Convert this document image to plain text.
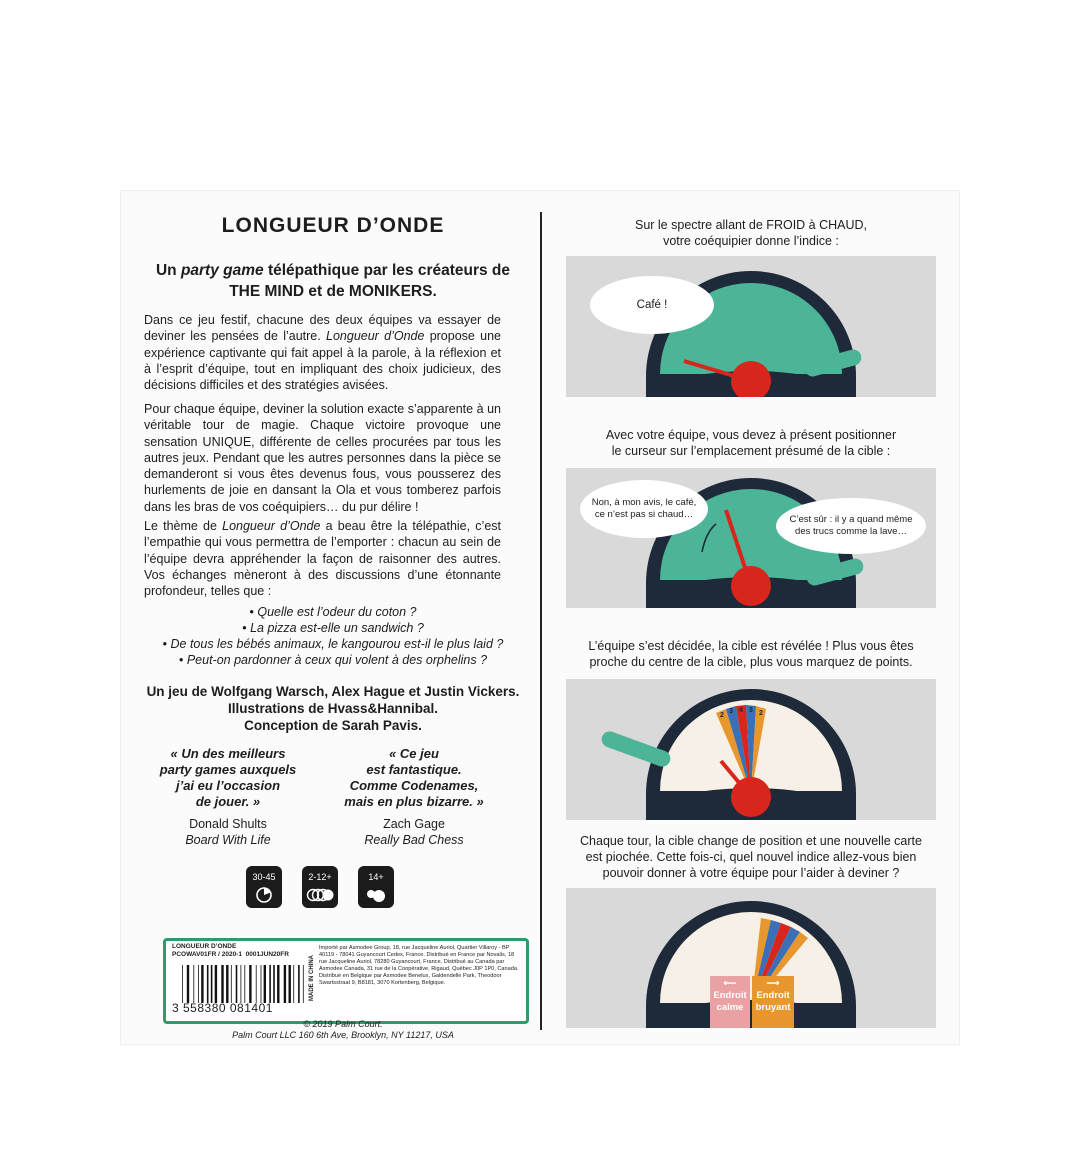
LONGUEUR D’ONDE
Un party game télépathique par les créateurs de
THE MIND et de MONIKERS.
Dans ce jeu festif, chacune des deux équipes va essayer de deviner les pensées de l’autre. Longueur d’Onde propose une expérience captivante qui fait appel à la parole, à la réflexion et à l’esprit d’équipe, tout en impliquant des choix judicieux, des décisions difficiles et des stratégies avisées.
Pour chaque équipe, deviner la solution exacte s’apparente à un véritable tour de magie. Chaque victoire provoque une sensation UNIQUE, différente de celles procurées par tous les autres jeux. Pendant que les autres personnes dans la pièce se demanderont si vous êtes devenus fous, vous pousserez des hurlements de joie en dansant la Ola et vous tomberez parfois dans les bras de vos coéquipiers… du pur délire !
Le thème de Longueur d’Onde a beau être la télépathie, c’est l’empathie qui vous permettra de l’emporter : chacun au sein de l’équipe devra appréhender la façon de raisonner des autres. Vos échanges mèneront à des discussions d’une étonnante profondeur, telles que :
• Quelle est l’odeur du coton ?
• La pizza est-elle un sandwich ?
• De tous les bébés animaux, le kangourou est-il le plus laid ?
• Peut-on pardonner à ceux qui volent à des orphelins ?
Un jeu de Wolfgang Warsch, Alex Hague et Justin Vickers.
Illustrations de Hvass&Hannibal.
Conception de Sarah Pavis.
« Un des meilleurs
party games auxquels
j’ai eu l’occasion
de jouer. »
« Ce jeu
est fantastique.
Comme Codenames,
mais en plus bizarre. »
Donald Shults
Board With Life
Zach Gage
Really Bad Chess
30-45	2-12+	14+
LONGUEUR D’ONDE
PCOWAV01FR / 2020-1 0001JUN20FR
3 558380 081401
MADE IN CHINA
Importé par Asmodee Group, 18, rue Jacqueline Auriol, Quartier Villaroy - BP 40119 - 78041 Guyancourt Cedex, France. Distribué en France par Novalis, 18 rue Jacqueline Auriol, 78280 Guyancourt, France. Distribué au Canada par Asmodee Canada, 31 rue de la Coopérative, Rigaud, Québec J0P 1P0, Canada. Distribué en Belgique par Asmodee Benelux, Galdendelle Park, Theodoor Swartsstraat 9, B8181, 3070 Kortenberg, Belgique.
© 2019 Palm Court.
Palm Court LLC 160 6th Ave, Brooklyn, NY 11217, USA
Sur le spectre allant de FROID à CHAUD,
votre coéquipier donne l’indice :
Café !
Avec votre équipe, vous devez à présent positionner
le curseur sur l’emplacement présumé de la cible :
Non, à mon avis, le café,
ce n’est pas si chaud…	C’est sûr : il y a quand même
des trucs comme la lave…
L’équipe s’est décidée, la cible est révélée ! Plus vous êtes
proche du centre de la cible, plus vous marquez de points.
2
3 4 3 2
Chaque tour, la cible change de position et une nouvelle carte
est piochée. Cette fois-ci, quel nouvel indice allez-vous bien
pouvoir donner à votre équipe pour l’aider à deviner ?
⟵
Endroit
calme
⟶
Endroit
bruyant
